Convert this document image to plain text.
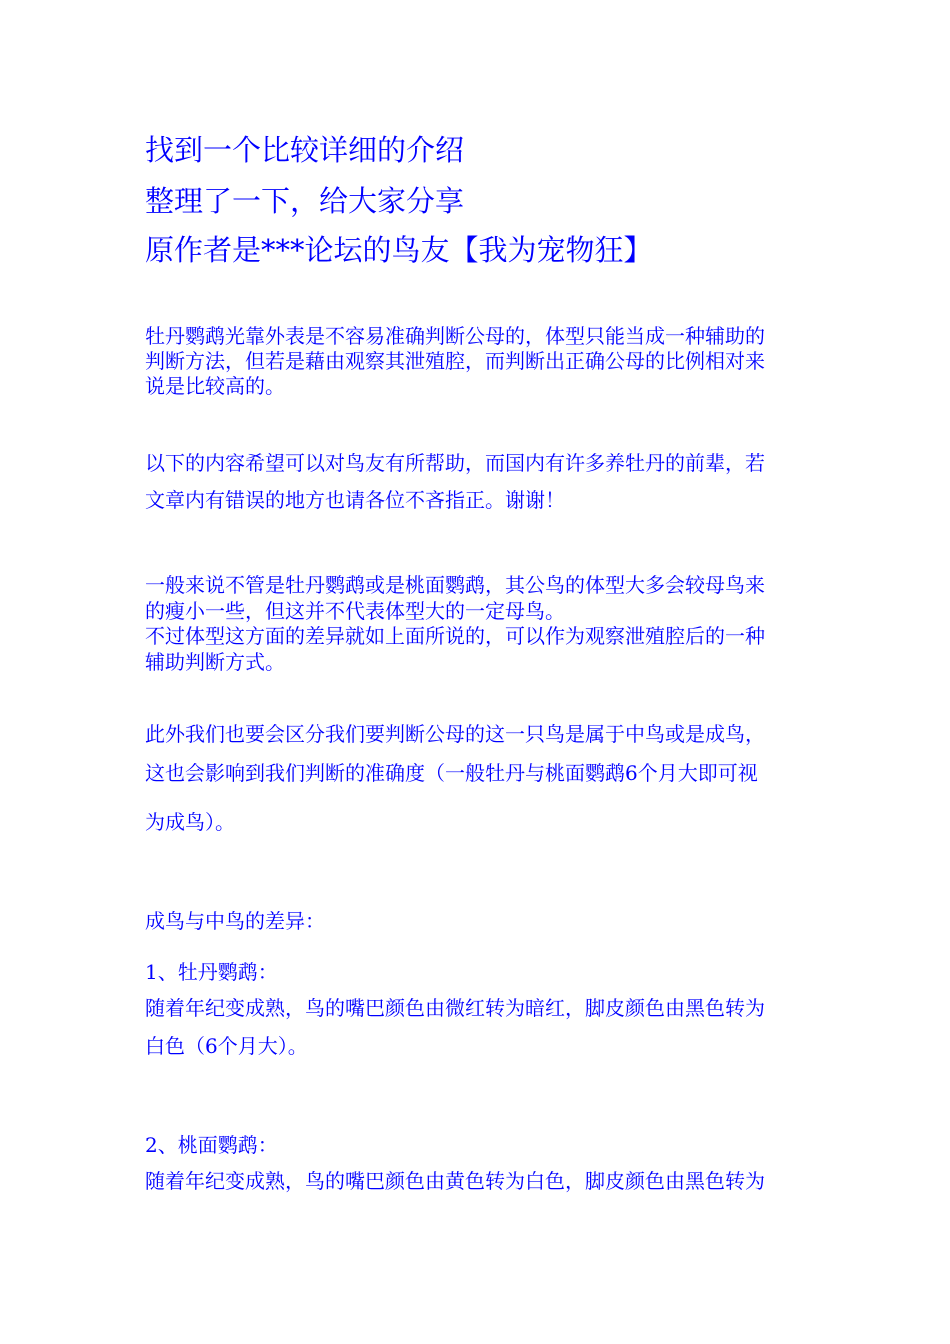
找到一个比较详细的介绍

整理了一下，给大家分享

原作者是***论坛的鸟友【我为宠物狂】

牡丹鹦鹉光靠外表是不容易准确判断公母的，体型只能当成一种辅助的

判断方法，但若是藉由观察其泄殖腔，而判断出正确公母的比例相对来

说是比较高的。

以下的内容希望可以对鸟友有所帮助，而国内有许多养牡丹的前辈，若

文章内有错误的地方也请各位不吝指正。谢谢！

一般来说不管是牡丹鹦鹉或是桃面鹦鹉，其公鸟的体型大多会较母鸟来

的瘦小一些，但这并不代表体型大的一定母鸟。

不过体型这方面的差异就如上面所说的，可以作为观察泄殖腔后的一种

辅助判断方式。

此外我们也要会区分我们要判断公母的这一只鸟是属于中鸟或是成鸟，

这也会影响到我们判断的准确度（一般牡丹与桃面鹦鹉6个月大即可视

为成鸟）。

成鸟与中鸟的差异：

1、牡丹鹦鹉：

随着年纪变成熟，鸟的嘴巴颜色由微红转为暗红，脚皮颜色由黑色转为

白色（6个月大）。

2、桃面鹦鹉：

随着年纪变成熟，鸟的嘴巴颜色由黄色转为白色，脚皮颜色由黑色转为
